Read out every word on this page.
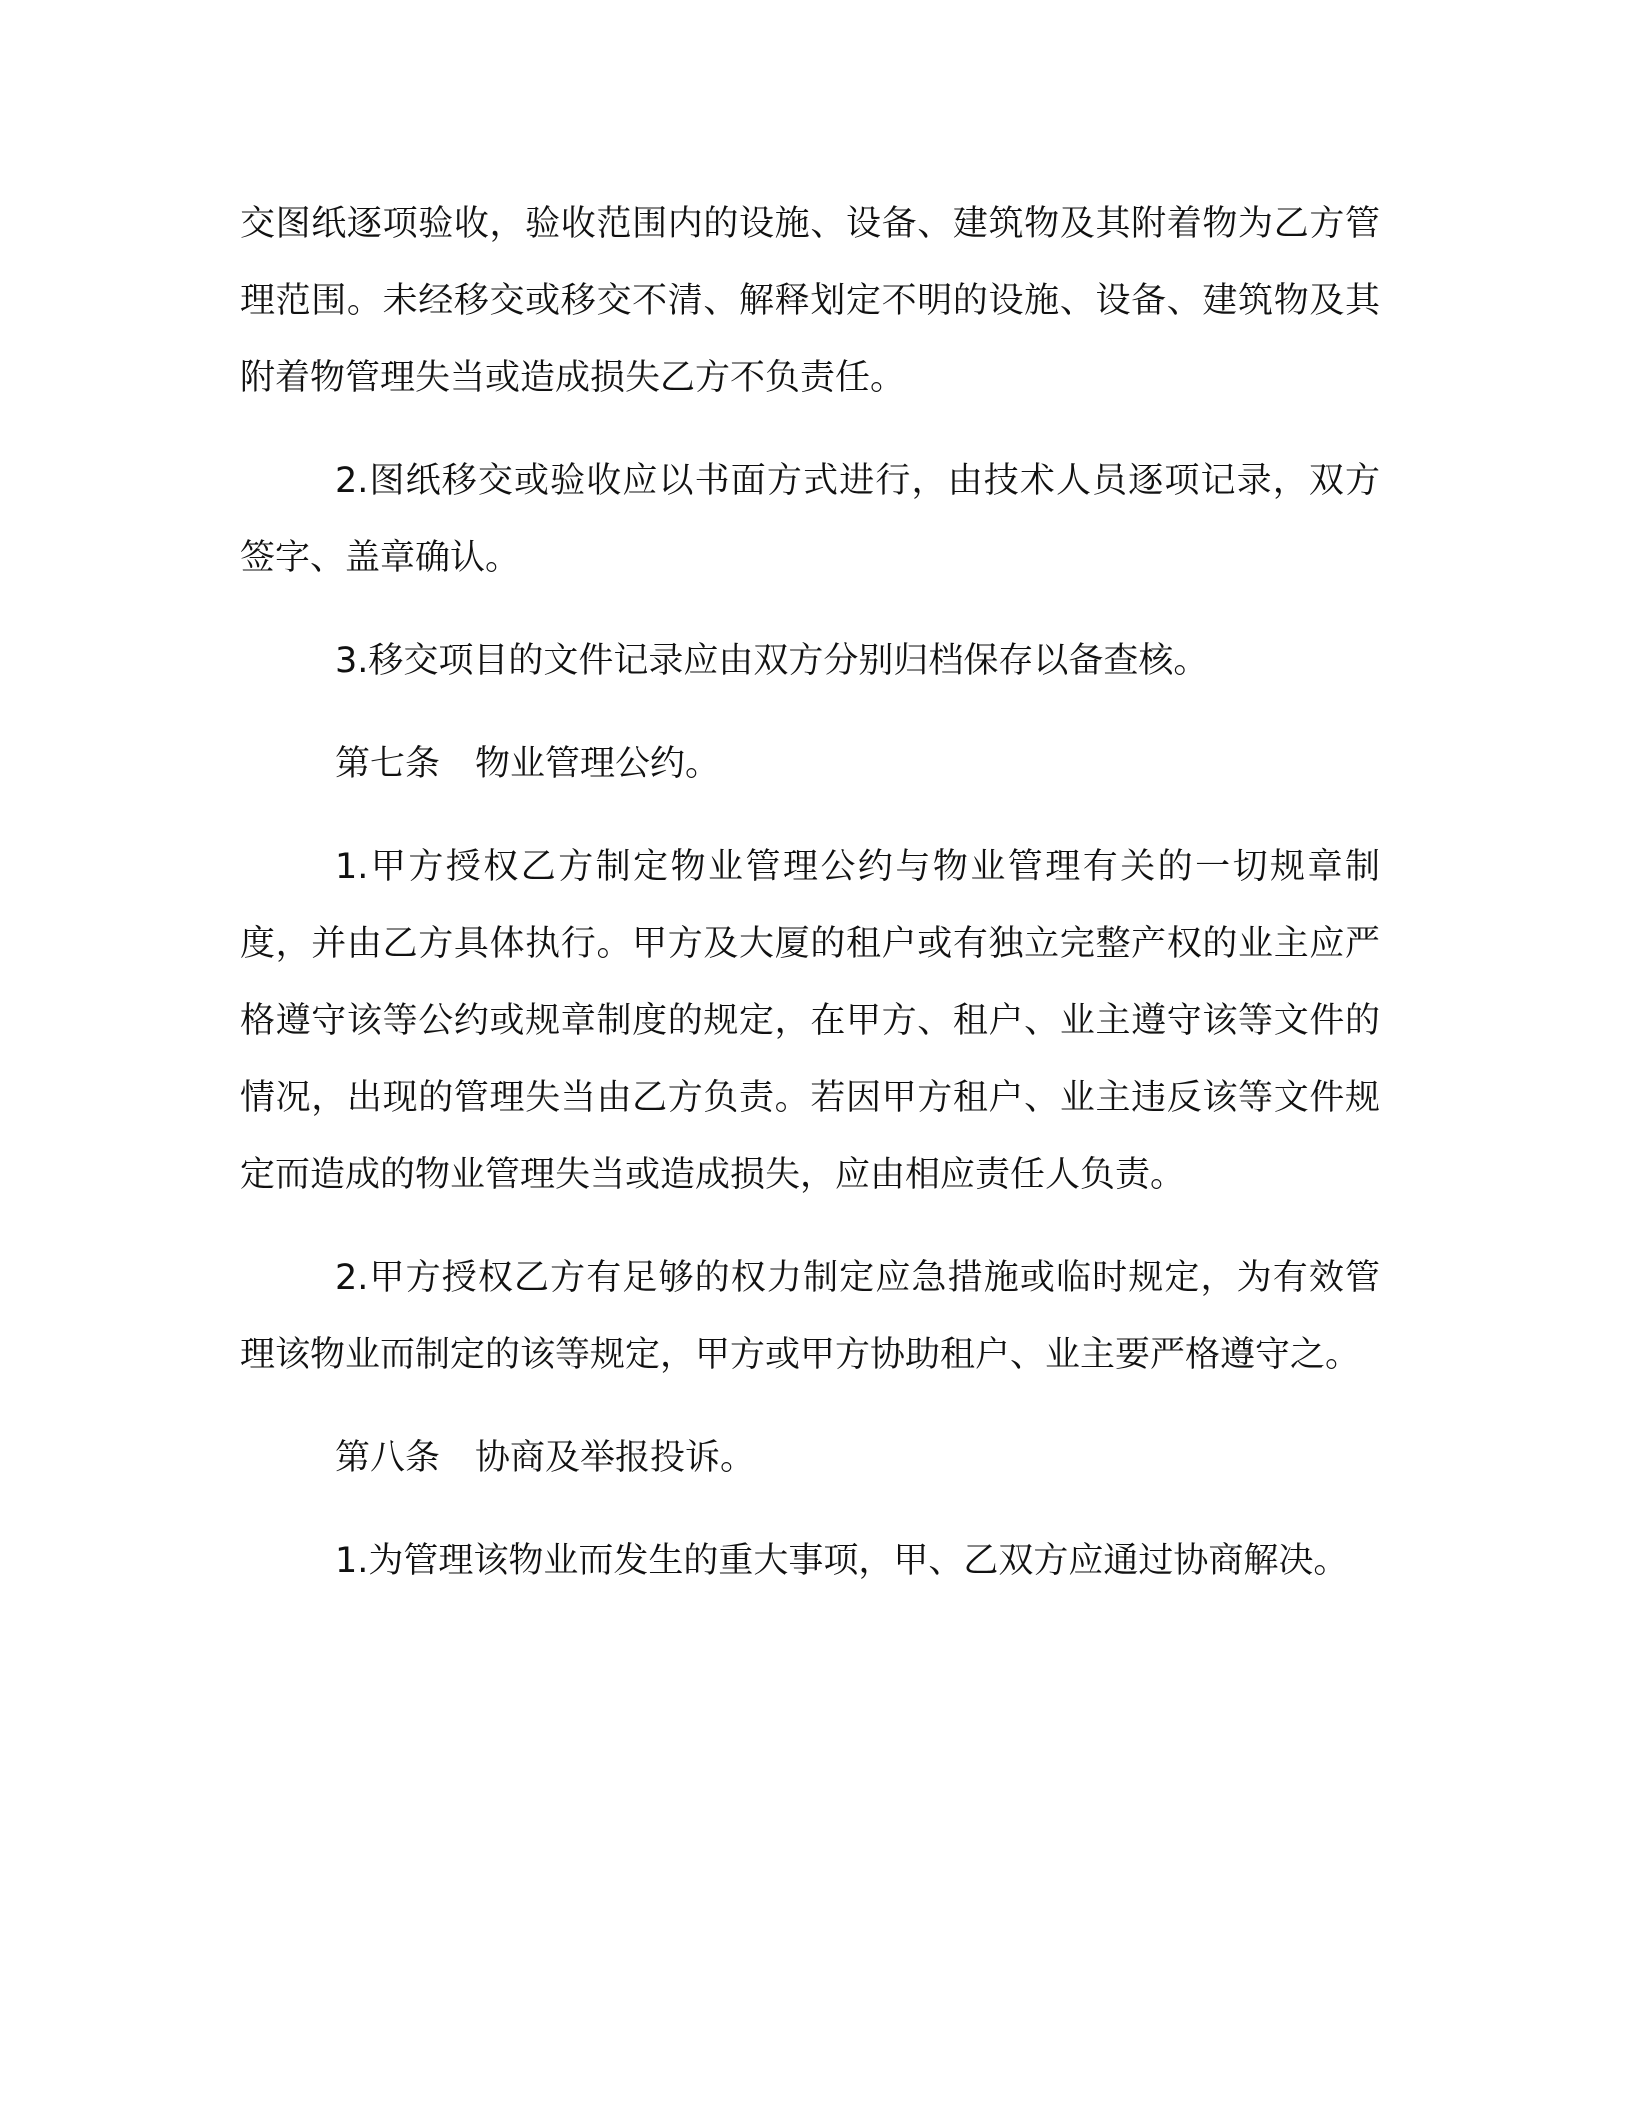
交图纸逐项验收，验收范围内的设施、设备、建筑物及其附着物为乙方管理范围。未经移交或移交不清、解释划定不明的设施、设备、建筑物及其附着物管理失当或造成损失乙方不负责任。

2.图纸移交或验收应以书面方式进行，由技术人员逐项记录，双方签字、盖章确认。

3.移交项目的文件记录应由双方分别归档保存以备查核。

第七条　物业管理公约。

1.甲方授权乙方制定物业管理公约与物业管理有关的一切规章制度，并由乙方具体执行。甲方及大厦的租户或有独立完整产权的业主应严格遵守该等公约或规章制度的规定，在甲方、租户、业主遵守该等文件的情况，出现的管理失当由乙方负责。若因甲方租户、业主违反该等文件规定而造成的物业管理失当或造成损失，应由相应责任人负责。

2.甲方授权乙方有足够的权力制定应急措施或临时规定，为有效管理该物业而制定的该等规定，甲方或甲方协助租户、业主要严格遵守之。

第八条　协商及举报投诉。

1.为管理该物业而发生的重大事项，甲、乙双方应通过协商解决。
